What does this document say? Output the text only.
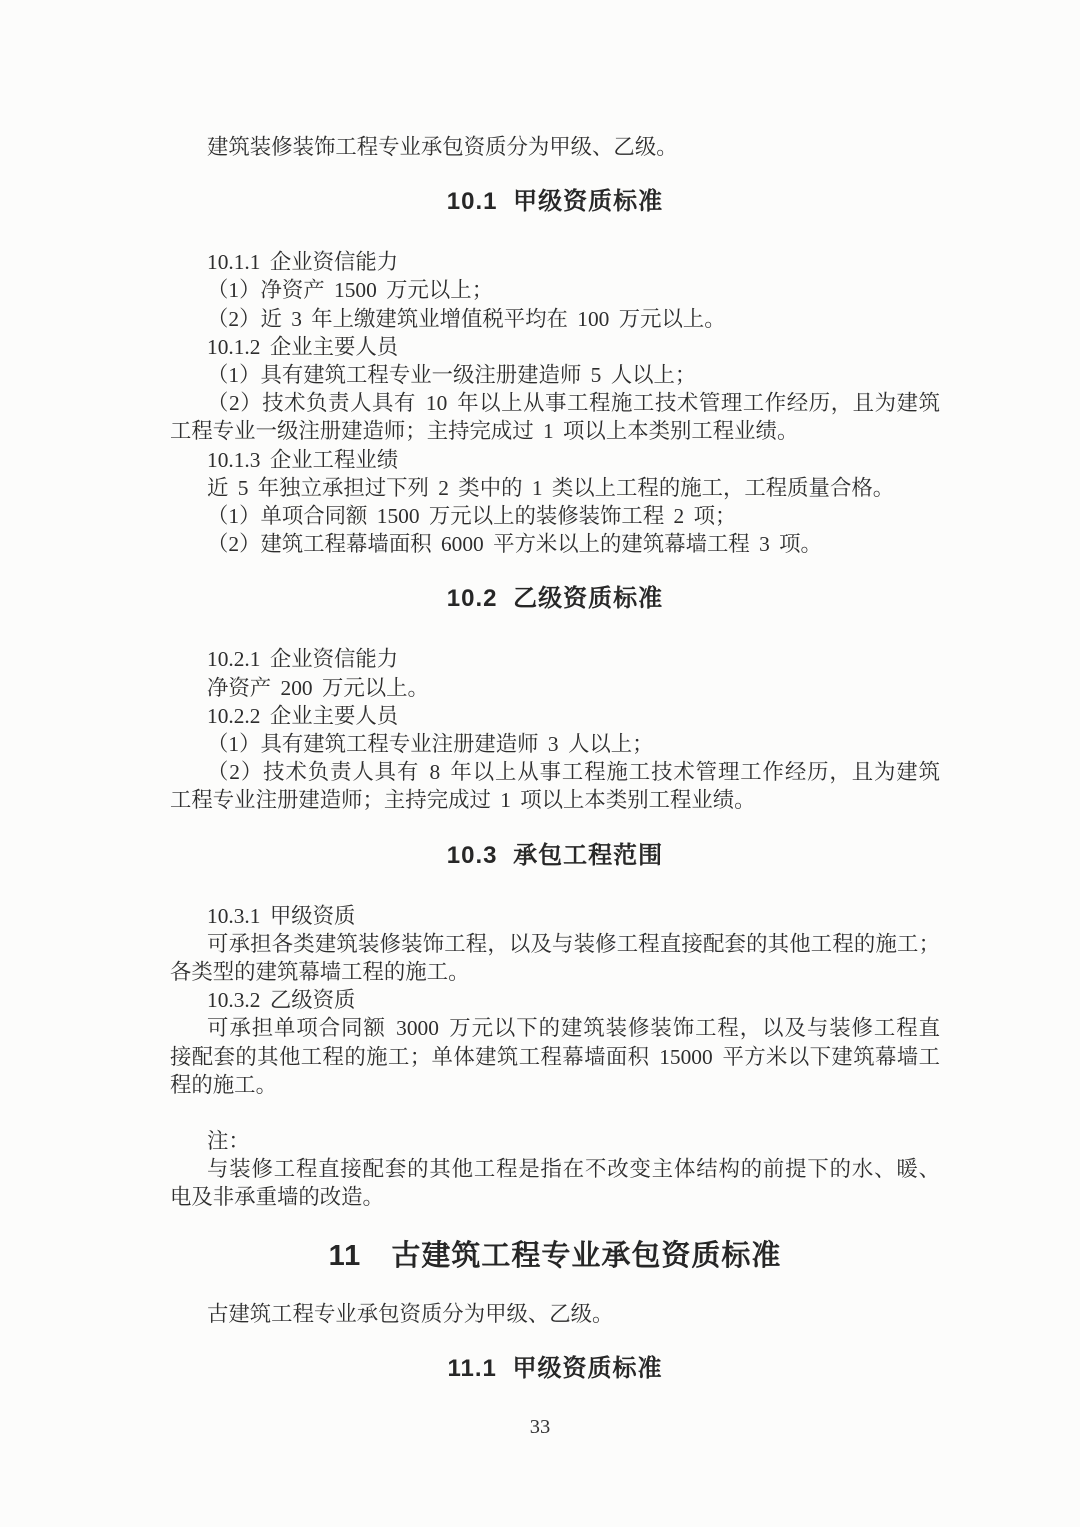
建筑装修装饰工程专业承包资质分为甲级、乙级。
10.1 甲级资质标准
10.1.1 企业资信能力
（1）净资产 1500 万元以上；
（2）近 3 年上缴建筑业增值税平均在 100 万元以上。
10.1.2 企业主要人员
（1）具有建筑工程专业一级注册建造师 5 人以上；
（2）技术负责人具有 10 年以上从事工程施工技术管理工作经历，且为建筑
工程专业一级注册建造师；主持完成过 1 项以上本类别工程业绩。
10.1.3 企业工程业绩
近 5 年独立承担过下列 2 类中的 1 类以上工程的施工，工程质量合格。
（1）单项合同额 1500 万元以上的装修装饰工程 2 项；
（2）建筑工程幕墙面积 6000 平方米以上的建筑幕墙工程 3 项。
10.2 乙级资质标准
10.2.1 企业资信能力
净资产 200 万元以上。
10.2.2 企业主要人员
（1）具有建筑工程专业注册建造师 3 人以上；
（2）技术负责人具有 8 年以上从事工程施工技术管理工作经历，且为建筑
工程专业注册建造师；主持完成过 1 项以上本类别工程业绩。
10.3 承包工程范围
10.3.1 甲级资质
可承担各类建筑装修装饰工程，以及与装修工程直接配套的其他工程的施工；
各类型的建筑幕墙工程的施工。
10.3.2 乙级资质
可承担单项合同额 3000 万元以下的建筑装修装饰工程，以及与装修工程直
接配套的其他工程的施工；单体建筑工程幕墙面积 15000 平方米以下建筑幕墙工
程的施工。
注：
与装修工程直接配套的其他工程是指在不改变主体结构的前提下的水、暖、
电及非承重墙的改造。
11 古建筑工程专业承包资质标准
古建筑工程专业承包资质分为甲级、乙级。
11.1 甲级资质标准
33
